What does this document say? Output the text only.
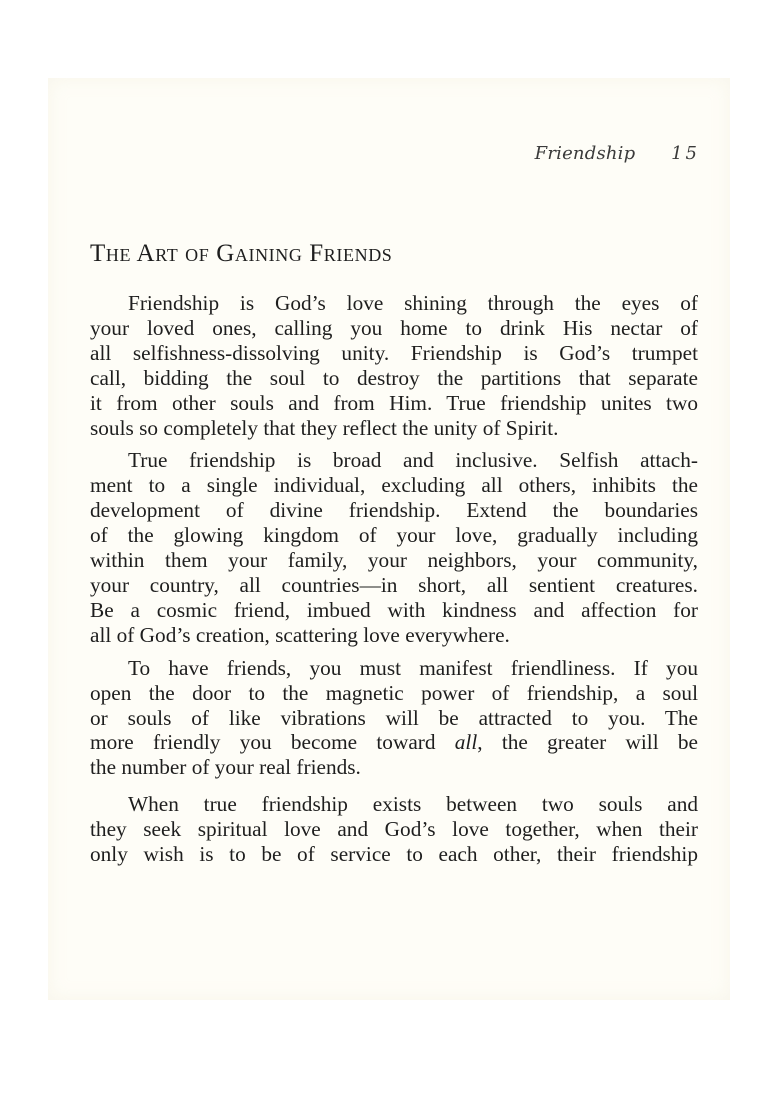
Friendship 15
The Art of Gaining Friends

Friendship is God’s love shining through the eyes of
your loved ones, calling you home to drink His nectar of
all selfishness-dissolving unity. Friendship is God’s trumpet
call, bidding the soul to destroy the partitions that separate
it from other souls and from Him. True friendship unites two
souls so completely that they reflect the unity of Spirit.

True friendship is broad and inclusive. Selfish attach-
ment to a single individual, excluding all others, inhibits the
development of divine friendship. Extend the boundaries
of the glowing kingdom of your love, gradually including
within them your family, your neighbors, your community,
your country, all countries—in short, all sentient creatures.
Be a cosmic friend, imbued with kindness and affection for
all of God’s creation, scattering love everywhere.

To have friends, you must manifest friendliness. If you
open the door to the magnetic power of friendship, a soul
or souls of like vibrations will be attracted to you. The
more friendly you become toward all, the greater will be
the number of your real friends.

When true friendship exists between two souls and
they seek spiritual love and God’s love together, when their
only wish is to be of service to each other, their friendship
